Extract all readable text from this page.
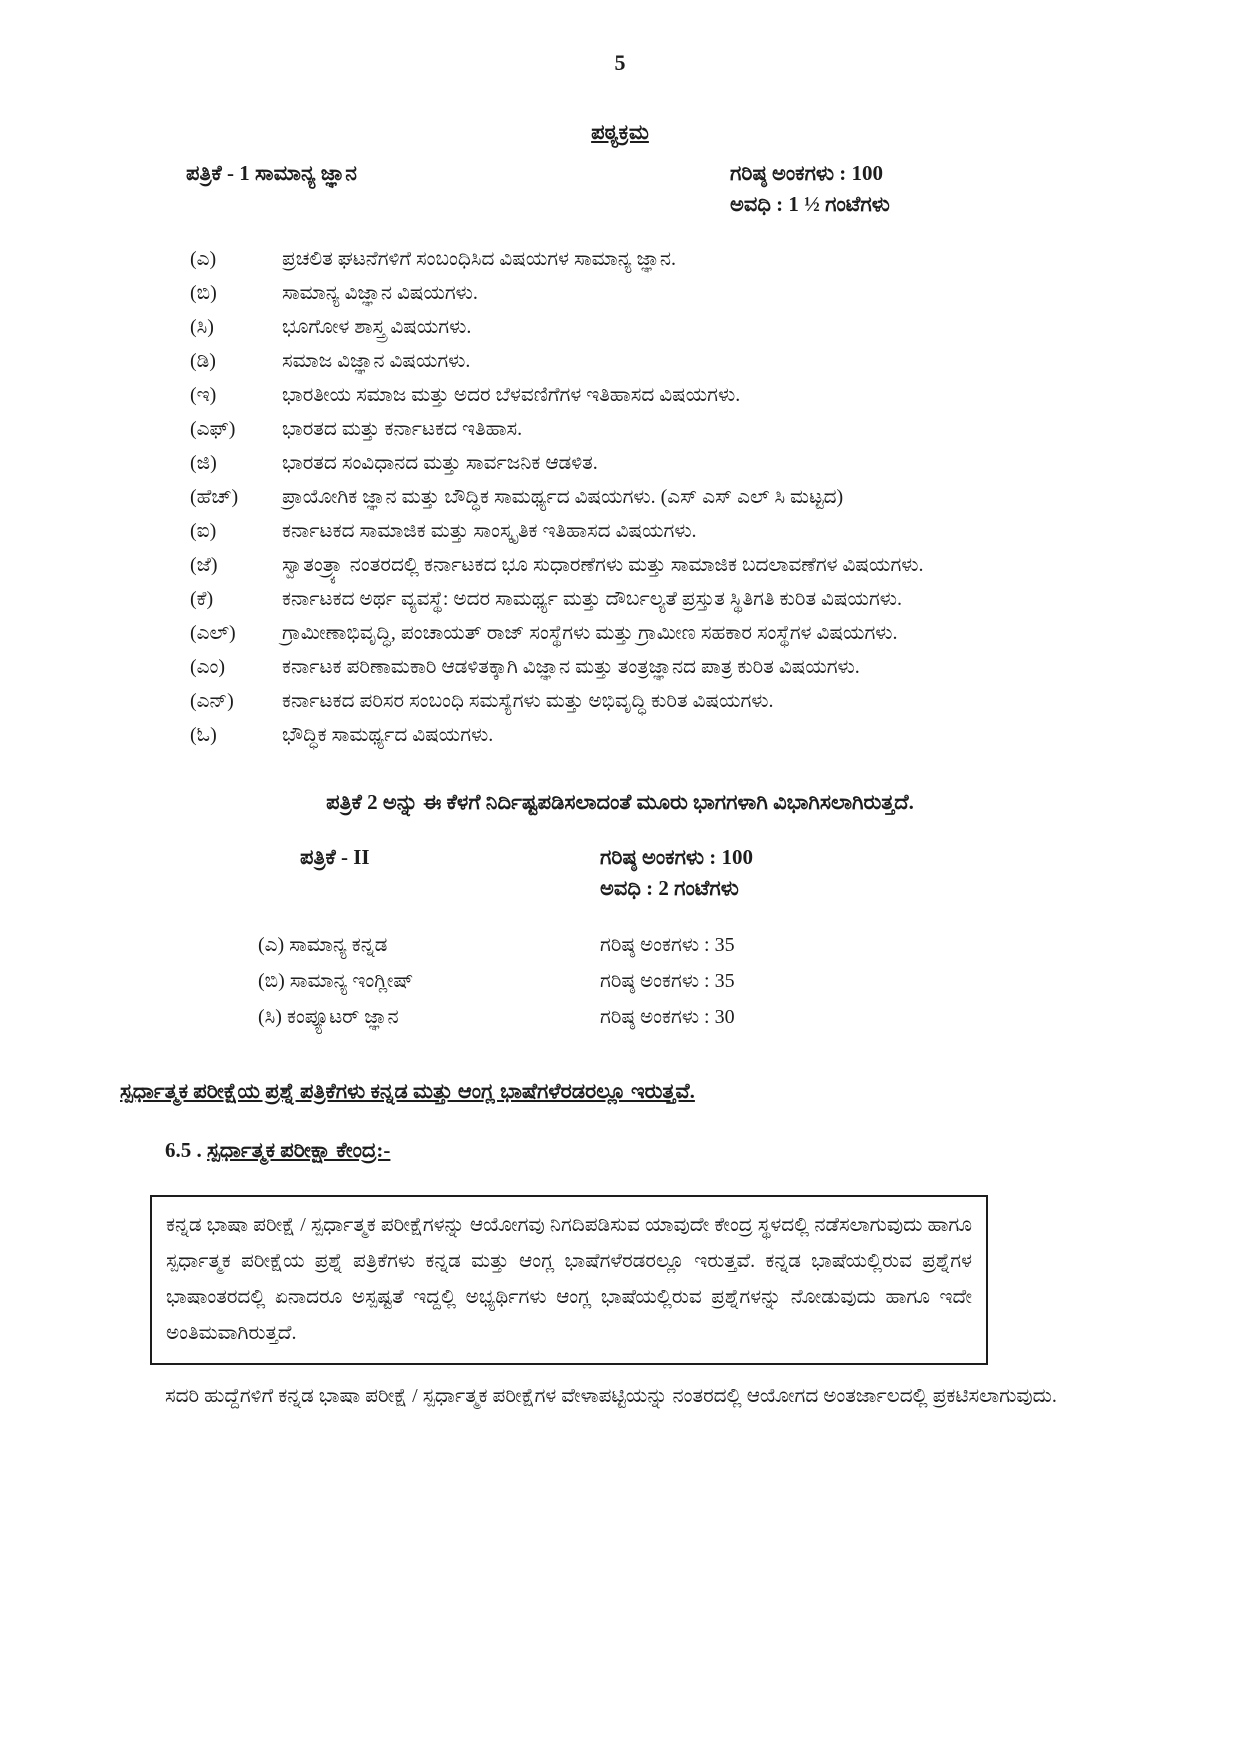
5
ಪಠ್ಯಕ್ರಮ
ಪತ್ರಿಕೆ - 1 ಸಾಮಾನ್ಯ ಜ್ಞಾನ	ಗರಿಷ್ಠ ಅಂಕಗಳು : 100
ಅವಧಿ : 1 ½ ಗಂಟೆಗಳು
(ಎ)	ಪ್ರಚಲಿತ ಘಟನೆಗಳಿಗೆ ಸಂಬಂಧಿಸಿದ ವಿಷಯಗಳ ಸಾಮಾನ್ಯ ಜ್ಞಾನ.
(ಬಿ)	ಸಾಮಾನ್ಯ ವಿಜ್ಞಾನ ವಿಷಯಗಳು.
(ಸಿ)	ಭೂಗೋಳ ಶಾಸ್ತ್ರ ವಿಷಯಗಳು.
(ಡಿ)	ಸಮಾಜ ವಿಜ್ಞಾನ ವಿಷಯಗಳು.
(ಇ)	ಭಾರತೀಯ ಸಮಾಜ ಮತ್ತು ಅದರ ಬೆಳವಣಿಗೆಗಳ ಇತಿಹಾಸದ ವಿಷಯಗಳು.
(ಎಫ್)	ಭಾರತದ ಮತ್ತು ಕರ್ನಾಟಕದ ಇತಿಹಾಸ.
(ಜಿ)	ಭಾರತದ ಸಂವಿಧಾನದ ಮತ್ತು ಸಾರ್ವಜನಿಕ ಆಡಳಿತ.
(ಹೆಚ್)	ಪ್ರಾಯೋಗಿಕ ಜ್ಞಾನ ಮತ್ತು ಬೌದ್ಧಿಕ ಸಾಮರ್ಥ್ಯದ ವಿಷಯಗಳು. (ಎಸ್ ಎಸ್ ಎಲ್ ಸಿ ಮಟ್ಟದ)
(ಐ)	ಕರ್ನಾಟಕದ ಸಾಮಾಜಿಕ ಮತ್ತು ಸಾಂಸ್ಕೃತಿಕ ಇತಿಹಾಸದ ವಿಷಯಗಳು.
(ಜೆ)	ಸ್ವಾತಂತ್ರ್ಯಾ ನಂತರದಲ್ಲಿ ಕರ್ನಾಟಕದ ಭೂ ಸುಧಾರಣೆಗಳು ಮತ್ತು ಸಾಮಾಜಿಕ ಬದಲಾವಣೆಗಳ ವಿಷಯಗಳು.
(ಕೆ)	ಕರ್ನಾಟಕದ ಅರ್ಥ ವ್ಯವಸ್ಥೆ: ಅದರ ಸಾಮರ್ಥ್ಯ ಮತ್ತು ದೌರ್ಬಲ್ಯತೆ ಪ್ರಸ್ತುತ ಸ್ಥಿತಿಗತಿ ಕುರಿತ ವಿಷಯಗಳು.
(ಎಲ್)	ಗ್ರಾಮೀಣಾಭಿವೃದ್ಧಿ, ಪಂಚಾಯತ್ ರಾಜ್ ಸಂಸ್ಥೆಗಳು ಮತ್ತು ಗ್ರಾಮೀಣ ಸಹಕಾರ ಸಂಸ್ಥೆಗಳ ವಿಷಯಗಳು.
(ಎಂ)	ಕರ್ನಾಟಕ ಪರಿಣಾಮಕಾರಿ ಆಡಳಿತಕ್ಕಾಗಿ ವಿಜ್ಞಾನ ಮತ್ತು ತಂತ್ರಜ್ಞಾನದ ಪಾತ್ರ ಕುರಿತ ವಿಷಯಗಳು.
(ಎನ್)	ಕರ್ನಾಟಕದ ಪರಿಸರ ಸಂಬಂಧಿ ಸಮಸ್ಯೆಗಳು ಮತ್ತು ಅಭಿವೃದ್ಧಿ ಕುರಿತ ವಿಷಯಗಳು.
(ಓ)	ಭೌದ್ಧಿಕ ಸಾಮರ್ಥ್ಯದ ವಿಷಯಗಳು.
ಪತ್ರಿಕೆ 2 ಅನ್ನು ಈ ಕೆಳಗೆ ನಿರ್ದಿಷ್ಟಪಡಿಸಲಾದಂತೆ ಮೂರು ಭಾಗಗಳಾಗಿ ವಿಭಾಗಿಸಲಾಗಿರುತ್ತದೆ.
ಪತ್ರಿಕೆ - II	ಗರಿಷ್ಠ ಅಂಕಗಳು : 100
ಅವಧಿ : 2 ಗಂಟೆಗಳು
(ಎ) ಸಾಮಾನ್ಯ ಕನ್ನಡ	ಗರಿಷ್ಠ ಅಂಕಗಳು : 35
(ಬಿ) ಸಾಮಾನ್ಯ ಇಂಗ್ಲೀಷ್	ಗರಿಷ್ಠ ಅಂಕಗಳು : 35
(ಸಿ) ಕಂಪ್ಯೂಟರ್ ಜ್ಞಾನ	ಗರಿಷ್ಠ ಅಂಕಗಳು : 30
ಸ್ಪರ್ಧಾತ್ಮಕ ಪರೀಕ್ಷೆಯ ಪ್ರಶ್ನೆ ಪತ್ರಿಕೆಗಳು ಕನ್ನಡ ಮತ್ತು ಆಂಗ್ಲ ಭಾಷೆಗಳೆರಡರಲ್ಲೂ ಇರುತ್ತವೆ.
6.5 . ಸ್ಪರ್ಧಾತ್ಮಕ ಪರೀಕ್ಷಾ ಕೇಂದ್ರ:-
ಕನ್ನಡ ಭಾಷಾ ಪರೀಕ್ಷೆ / ಸ್ಪರ್ಧಾತ್ಮಕ ಪರೀಕ್ಷೆಗಳನ್ನು ಆಯೋಗವು ನಿಗದಿಪಡಿಸುವ ಯಾವುದೇ ಕೇಂದ್ರ ಸ್ಥಳದಲ್ಲಿ ನಡೆಸಲಾಗುವುದು ಹಾಗೂ ಸ್ಪರ್ಧಾತ್ಮಕ ಪರೀಕ್ಷೆಯ ಪ್ರಶ್ನೆ ಪತ್ರಿಕೆಗಳು ಕನ್ನಡ ಮತ್ತು ಆಂಗ್ಲ ಭಾಷೆಗಳೆರಡರಲ್ಲೂ ಇರುತ್ತವೆ. ಕನ್ನಡ ಭಾಷೆಯಲ್ಲಿರುವ ಪ್ರಶ್ನೆಗಳ ಭಾಷಾಂತರದಲ್ಲಿ ಏನಾದರೂ ಅಸ್ಪಷ್ಟತೆ ಇದ್ದಲ್ಲಿ ಅಭ್ಯರ್ಥಿಗಳು ಆಂಗ್ಲ ಭಾಷೆಯಲ್ಲಿರುವ ಪ್ರಶ್ನೆಗಳನ್ನು ನೋಡುವುದು ಹಾಗೂ ಇದೇ ಅಂತಿಮವಾಗಿರುತ್ತದೆ.
ಸದರಿ ಹುದ್ದೆಗಳಿಗೆ ಕನ್ನಡ ಭಾಷಾ ಪರೀಕ್ಷೆ / ಸ್ಪರ್ಧಾತ್ಮಕ ಪರೀಕ್ಷೆಗಳ ವೇಳಾಪಟ್ಟಿಯನ್ನು ನಂತರದಲ್ಲಿ ಆಯೋಗದ ಅಂತರ್ಜಾಲದಲ್ಲಿ ಪ್ರಕಟಿಸಲಾಗುವುದು.
